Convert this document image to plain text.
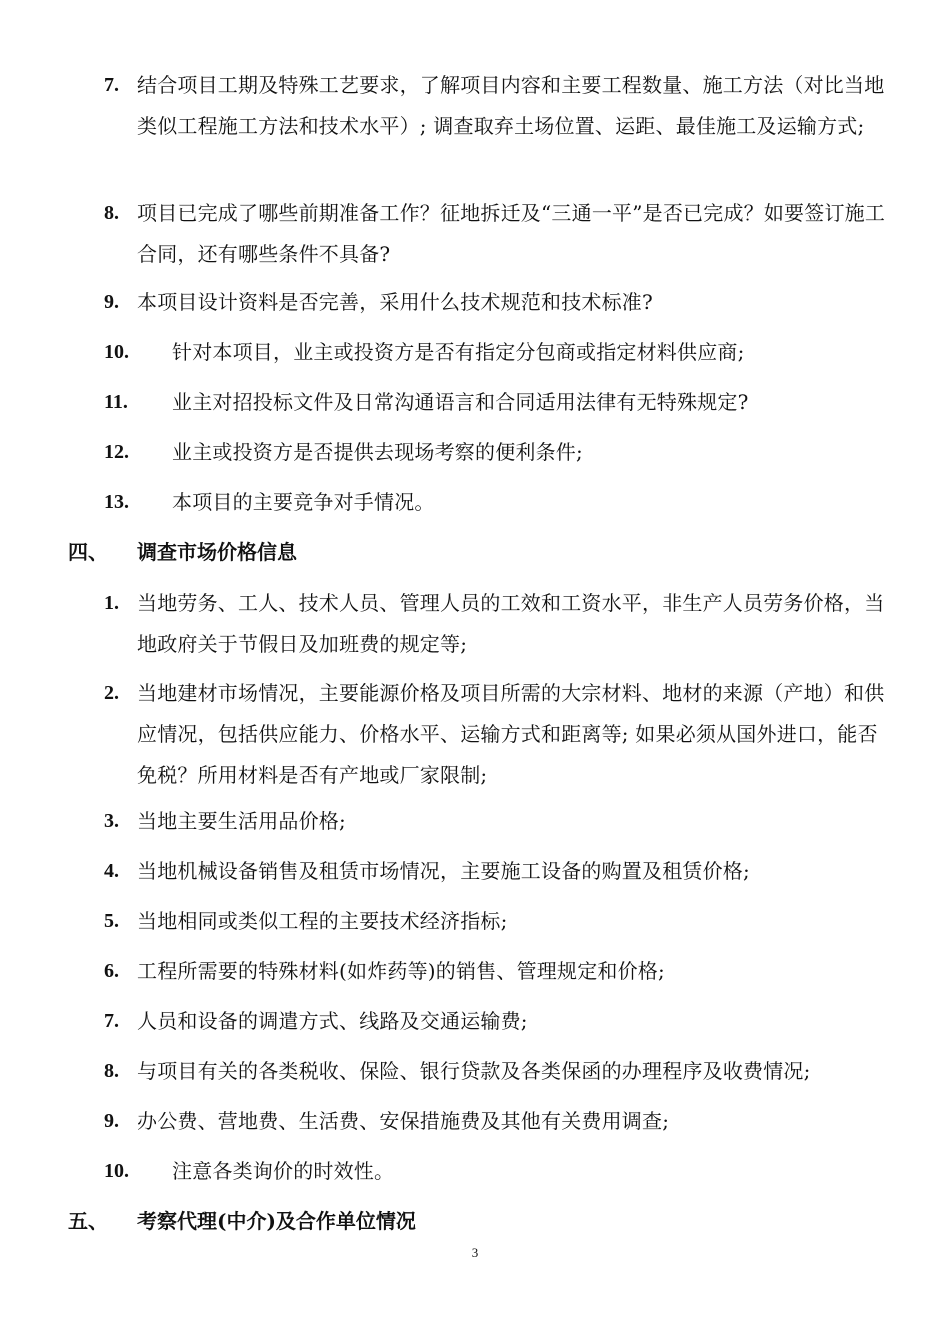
7. 结合项目工期及特殊工艺要求，了解项目内容和主要工程数量、施工方法（对比当地类似工程施工方法和技术水平）; 调查取弃土场位置、运距、最佳施工及运输方式;
8. 项目已完成了哪些前期准备工作？征地拆迁及“三通一平”是否已完成？如要签订施工合同，还有哪些条件不具备?
9. 本项目设计资料是否完善，采用什么技术规范和技术标准?
10. 针对本项目，业主或投资方是否有指定分包商或指定材料供应商;
11. 业主对招投标文件及日常沟通语言和合同适用法律有无特殊规定?
12. 业主或投资方是否提供去现场考察的便利条件;
13. 本项目的主要竞争对手情况。
四、 调查市场价格信息
1. 当地劳务、工人、技术人员、管理人员的工效和工资水平，非生产人员劳务价格，当地政府关于节假日及加班费的规定等;
2. 当地建材市场情况，主要能源价格及项目所需的大宗材料、地材的来源（产地）和供应情况，包括供应能力、价格水平、运输方式和距离等; 如果必须从国外进口，能否免税？所用材料是否有产地或厂家限制;
3. 当地主要生活用品价格;
4. 当地机械设备销售及租赁市场情况，主要施工设备的购置及租赁价格;
5. 当地相同或类似工程的主要技术经济指标;
6. 工程所需要的特殊材料(如炸药等)的销售、管理规定和价格;
7. 人员和设备的调遣方式、线路及交通运输费;
8. 与项目有关的各类税收、保险、银行贷款及各类保函的办理程序及收费情况;
9. 办公费、营地费、生活费、安保措施费及其他有关费用调查;
10. 注意各类询价的时效性。
五、 考察代理(中介)及合作单位情况
3
